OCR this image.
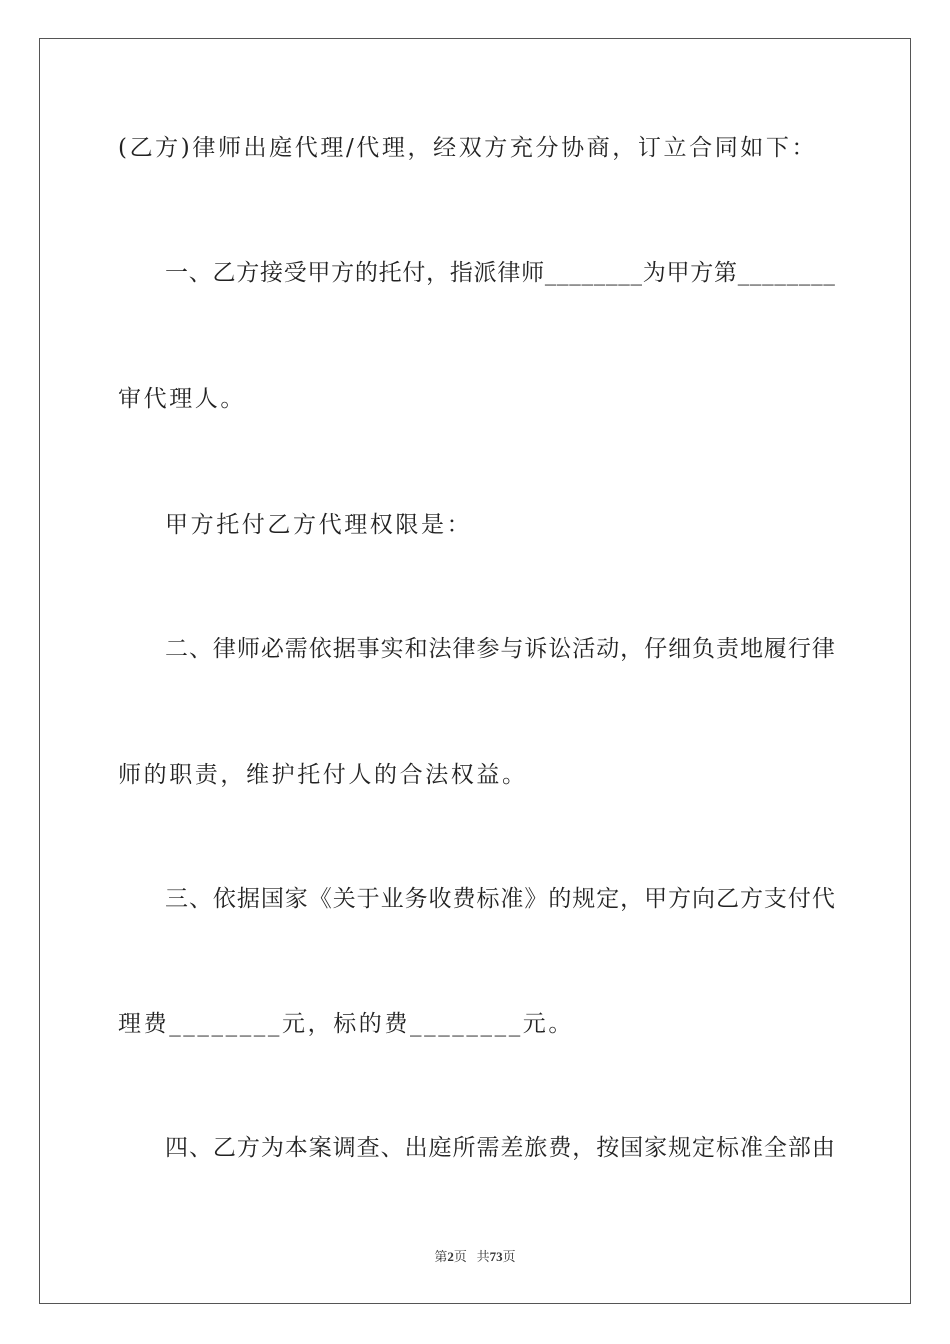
(乙方)律师出庭代理/代理，经双方充分协商，订立合同如下：
一、乙方接受甲方的托付，指派律师________为甲方第________
审代理人。
甲方托付乙方代理权限是：
二、律师必需依据事实和法律参与诉讼活动，仔细负责地履行律
师的职责，维护托付人的合法权益。
三、依据国家《关于业务收费标准》的规定，甲方向乙方支付代
理费________元，标的费________元。
四、乙方为本案调查、出庭所需差旅费，按国家规定标准全部由
第2页 共73页
